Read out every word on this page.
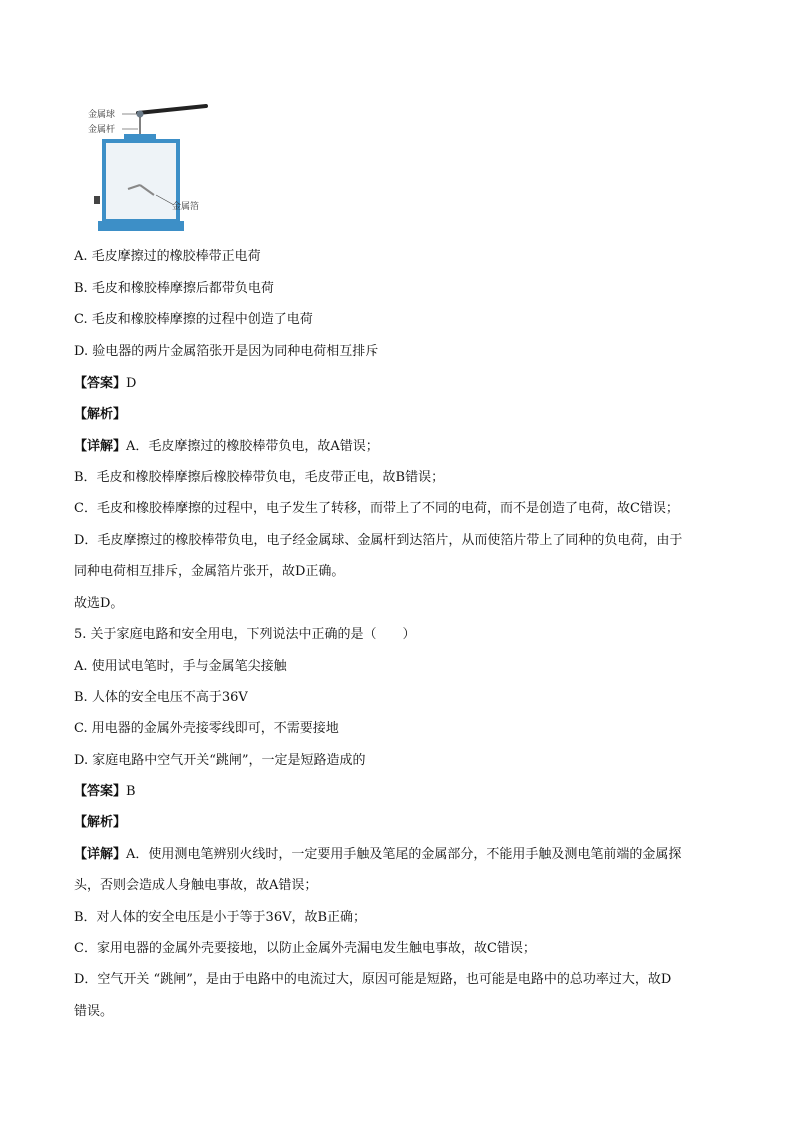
金属球
金属杆
金属箔
A. 毛皮摩擦过的橡胶棒带正电荷
B. 毛皮和橡胶棒摩擦后都带负电荷
C. 毛皮和橡胶棒摩擦的过程中创造了电荷
D. 验电器的两片金属箔张开是因为同种电荷相互排斥
【答案】D
【解析】
【详解】A．毛皮摩擦过的橡胶棒带负电，故A错误；
B．毛皮和橡胶棒摩擦后橡胶棒带负电，毛皮带正电，故B错误；
C．毛皮和橡胶棒摩擦的过程中，电子发生了转移，而带上了不同的电荷，而不是创造了电荷，故C错误；
D．毛皮摩擦过的橡胶棒带负电，电子经金属球、金属杆到达箔片，从而使箔片带上了同种的负电荷，由于
同种电荷相互排斥，金属箔片张开，故D正确。
故选D。
5. 关于家庭电路和安全用电，下列说法中正确的是（　　）
A. 使用试电笔时，手与金属笔尖接触
B. 人体的安全电压不高于36V
C. 用电器的金属外壳接零线即可，不需要接地
D. 家庭电路中空气开关“跳闸”，一定是短路造成的
【答案】B
【解析】
【详解】A．使用测电笔辨别火线时，一定要用手触及笔尾的金属部分，不能用手触及测电笔前端的金属探
头，否则会造成人身触电事故，故A错误；
B．对人体的安全电压是小于等于36V，故B正确；
C．家用电器的金属外壳要接地，以防止金属外壳漏电发生触电事故，故C错误；
D．空气开关 “跳闸”，是由于电路中的电流过大，原因可能是短路，也可能是电路中的总功率过大，故D
错误。
